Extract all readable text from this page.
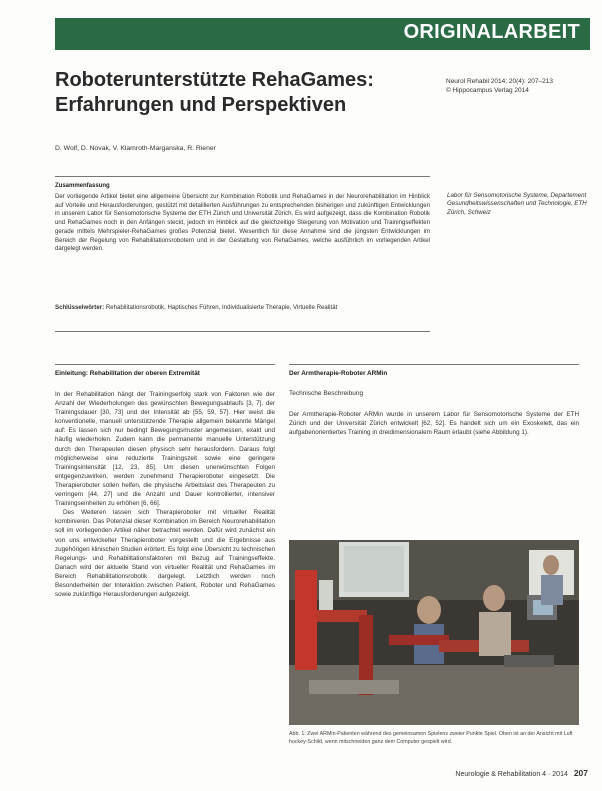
ORIGINALARBEIT
Roboterunterstützte RehaGames:
Erfahrungen und Perspektiven
Neurol Rehabil 2014; 20(4): 207–213
© Hippocampus Verlag 2014
D. Wolf, D. Novak, V. Klamroth-Marganska, R. Riener
Zusammenfassung
Der vorliegende Artikel bietet eine allgemeine Übersicht zur Kombination Robotik und RehaGames in der Neurorehabilitation im Hinblick auf Vorteile und Herausforderungen, gestützt mit detaillierten Ausführungen zu entsprechenden bisherigen und zukünftigen Entwicklungen in unserem Labor für Sensomotorische Systeme der ETH Zürich und Universität Zürich. Es wird aufgezeigt, dass die Kombination Robotik und RehaGames noch in den Anfängen steckt, jedoch im Hinblick auf die gleichzeitige Steigerung von Motivation und Trainingseffekten gerade mittels Mehrspieler-RehaGames großes Potenzial bietet. Wesentlich für diese Annahme sind die jüngsten Entwicklungen im Bereich der Regelung von Rehabilitationsrobotern und in der Gestaltung von RehaGames, welche ausführlich im vorliegenden Artikel dargelegt werden.
Schlüsselwörter: Rehabilitationsrobotik, Haptisches Führen, Individualisierte Therapie, Virtuelle Realität
Labor für Sensomotorische Systeme, Departement Gesundheitswissenschaften und Technologie, ETH Zürich, Schweiz
Einleitung: Rehabilitation der oberen Extremität

In der Rehabilitation hängt der Trainingserfolg stark von Faktoren wie der Anzahl der Wiederholungen des gewünschten Bewegungsablaufs [3, 7], der Trainingsdauer [30, 73] und der Intensität ab [55, 59, 57]. Hier weist die konventionelle, manuell unterstützende Therapie allgemein bekannte Mängel auf: Es lassen sich nur bedingt Bewegungsmuster angemessen, exakt und häufig wiederholen. Zudem kann die permanente manuelle Unterstützung durch den Therapeuten diesen physisch sehr herausfordern. Daraus folgt möglicherweise eine reduzierte Trainingszeit sowie eine geringere Trainingsintensität [12, 23, 85]. Um diesen unerwünschten Folgen entgegenzuwirken, werden zunehmend Therapieroboter eingesetzt. Die Therapieroboter sollen helfen, die physische Arbeitslast des Therapeuten zu verringern [44, 27] und die Anzahl und Dauer kontrollierter, intensiver Trainingseinheiten zu erhöhen [6, 66].

Des Weiteren lassen sich Therapieroboter mit virtueller Realität kombinieren. Das Potenzial dieser Kombination im Bereich Neurorehabilitation soll im vorliegenden Artikel näher betrachtet werden. Dafür wird zunächst ein von uns entwickelter Therapieroboter vorgestellt und die Ergebnisse aus zugehörigen klinischen Studien erörtert. Es folgt eine Übersicht zu technischen Regelungs- und Rehabilitationsfaktoren mit Bezug auf Trainingseffekte. Danach wird der aktuelle Stand von virtueller Realität und RehaGames im Bereich Rehabilitationsrobotik dargelegt. Letztlich werden noch Besonderheiten der Interaktion zwischen Patient, Roboter und RehaGames sowie zukünftige Herausforderungen aufgezeigt.

Der Armtherapie-Roboter ARMin
Technische Beschreibung
Der Armtherapie-Roboter ARMin wurde in unserem Labor für Sensomotorische Systeme der ETH Zürich und der Universität Zürich entwickelt [62, 52]. Es handelt sich um ein Exoskelett, das ein aufgabenorientiertes Training in dreidimensionalem Raum erlaubt (siehe Abbildung 1).
Abb. 1: Zwei ARMin-Patienten während des gemeinsamen Spielens zweier Punkte Spiel. Oben ist an der Ansicht mit Luft hockey-Schild, wenn mitschneiden ganz dem Computer gespielt wird.
Neurologie & Rehabilitation 4 · 2014 207
